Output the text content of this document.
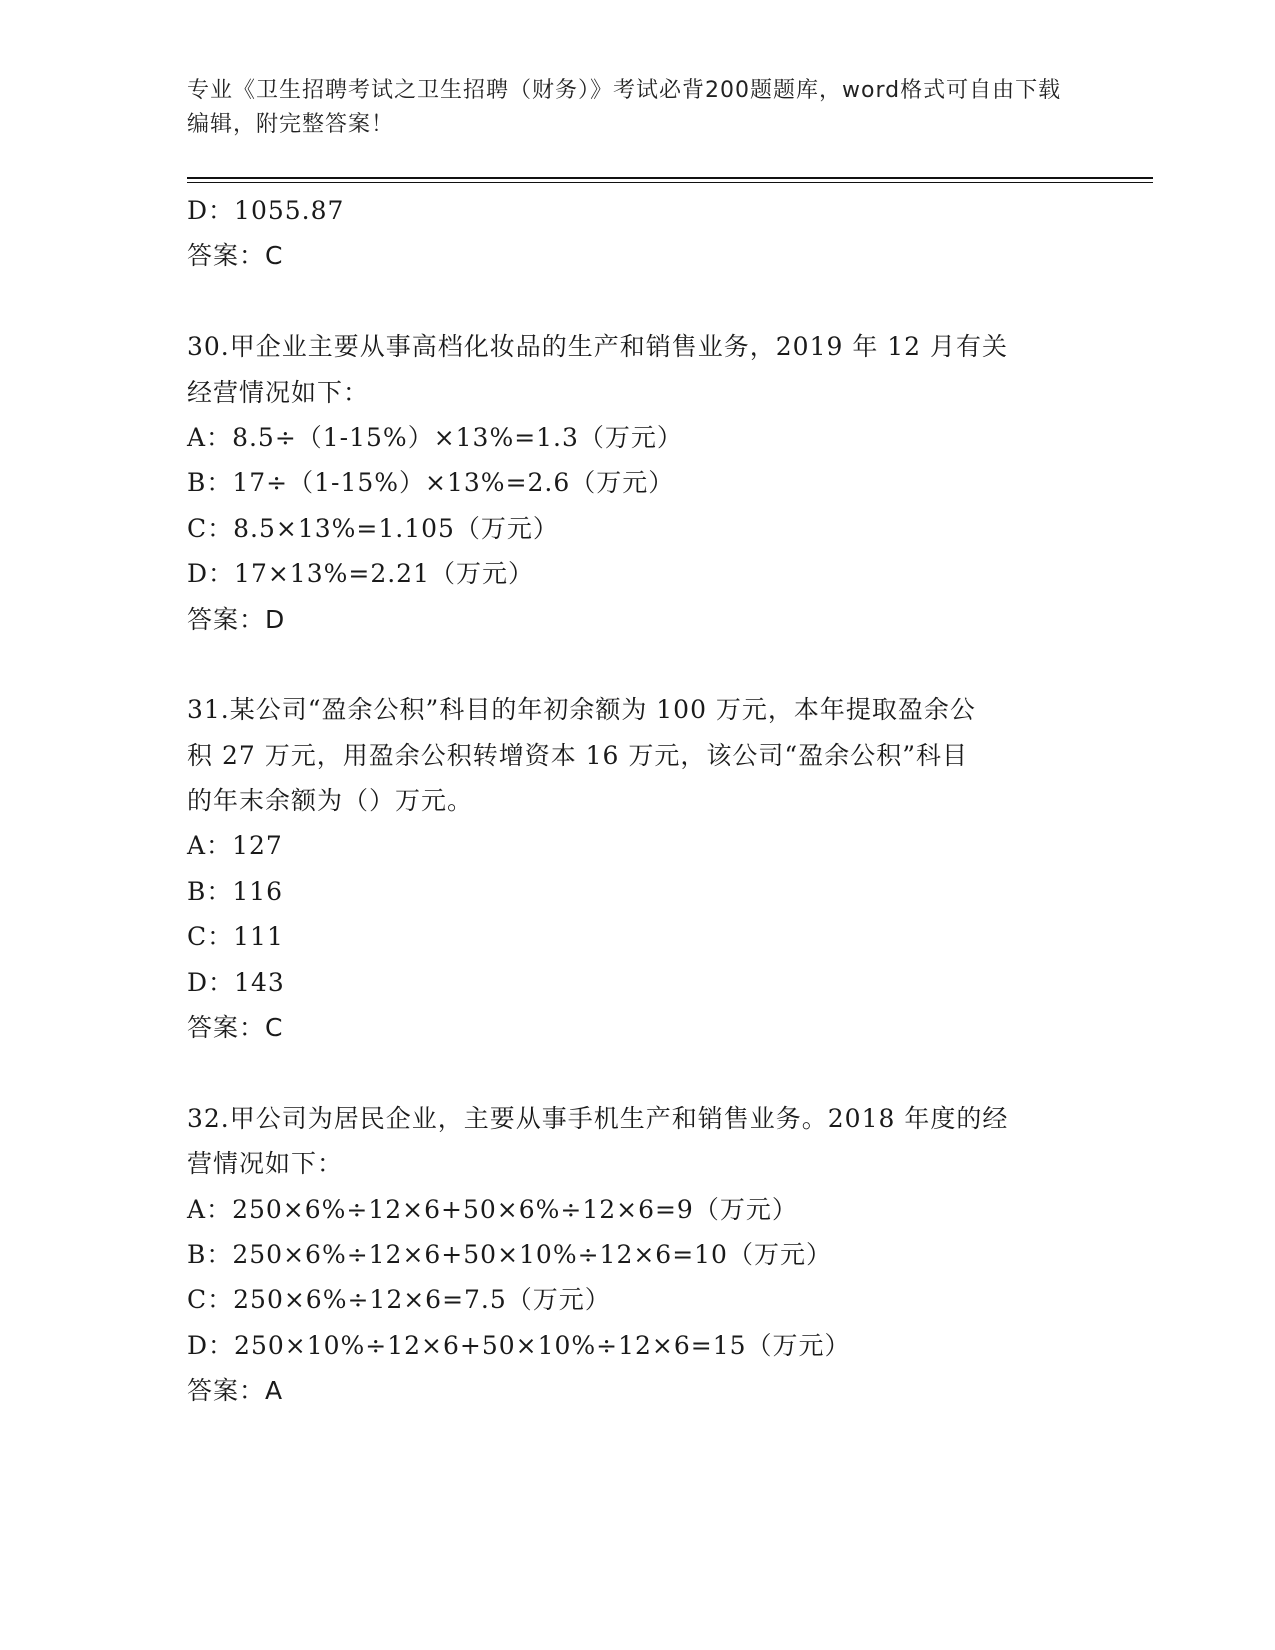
专业《卫生招聘考试之卫生招聘（财务）》考试必背200题题库，word格式可自由下载编辑，附完整答案！
D：1055.87
答案：C
30.甲企业主要从事高档化妆品的生产和销售业务，2019 年 12 月有关
经营情况如下：
A：8.5÷（1-15%）×13%=1.3（万元）
B：17÷（1-15%）×13%=2.6（万元）
C：8.5×13%=1.105（万元）
D：17×13%=2.21（万元）
答案：D
31.某公司“盈余公积”科目的年初余额为 100 万元，本年提取盈余公
积 27 万元，用盈余公积转增资本 16 万元，该公司“盈余公积”科目
的年末余额为（）万元。
A：127
B：116
C：111
D：143
答案：C
32.甲公司为居民企业，主要从事手机生产和销售业务。2018 年度的经
营情况如下：
A：250×6%÷12×6+50×6%÷12×6=9（万元）
B：250×6%÷12×6+50×10%÷12×6=10（万元）
C：250×6%÷12×6=7.5（万元）
D：250×10%÷12×6+50×10%÷12×6=15（万元）
答案：A
